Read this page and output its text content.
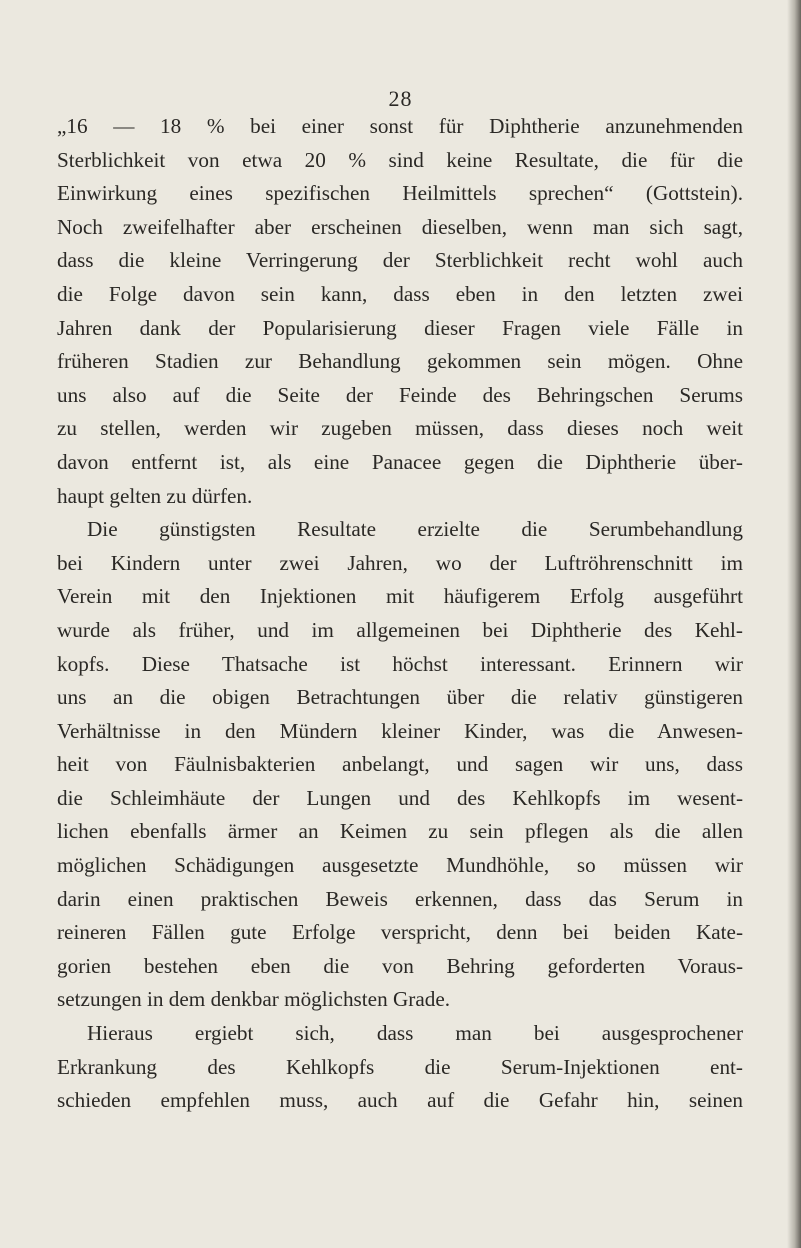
28
„16 — 18 % bei einer sonst für Diphtherie anzunehmenden
Sterblichkeit von etwa 20 % sind keine Resultate, die für die
Einwirkung eines spezifischen Heilmittels sprechen“ (Gottstein).
Noch zweifelhafter aber erscheinen dieselben, wenn man sich sagt,
dass die kleine Verringerung der Sterblichkeit recht wohl auch
die Folge davon sein kann, dass eben in den letzten zwei
Jahren dank der Popularisierung dieser Fragen viele Fälle in
früheren Stadien zur Behandlung gekommen sein mögen. Ohne
uns also auf die Seite der Feinde des Behringschen Serums
zu stellen, werden wir zugeben müssen, dass dieses noch weit
davon entfernt ist, als eine Panacee gegen die Diphtherie über-
haupt gelten zu dürfen.
Die günstigsten Resultate erzielte die Serumbehandlung
bei Kindern unter zwei Jahren, wo der Luftröhrenschnitt im
Verein mit den Injektionen mit häufigerem Erfolg ausgeführt
wurde als früher, und im allgemeinen bei Diphtherie des Kehl-
kopfs. Diese Thatsache ist höchst interessant. Erinnern wir
uns an die obigen Betrachtungen über die relativ günstigeren
Verhältnisse in den Mündern kleiner Kinder, was die Anwesen-
heit von Fäulnisbakterien anbelangt, und sagen wir uns, dass
die Schleimhäute der Lungen und des Kehlkopfs im wesent-
lichen ebenfalls ärmer an Keimen zu sein pflegen als die allen
möglichen Schädigungen ausgesetzte Mundhöhle, so müssen wir
darin einen praktischen Beweis erkennen, dass das Serum in
reineren Fällen gute Erfolge verspricht, denn bei beiden Kate-
gorien bestehen eben die von Behring geforderten Voraus-
setzungen in dem denkbar möglichsten Grade.
Hieraus ergiebt sich, dass man bei ausgesprochener
Erkrankung des Kehlkopfs die Serum-Injektionen ent-
schieden empfehlen muss, auch auf die Gefahr hin, seinen
